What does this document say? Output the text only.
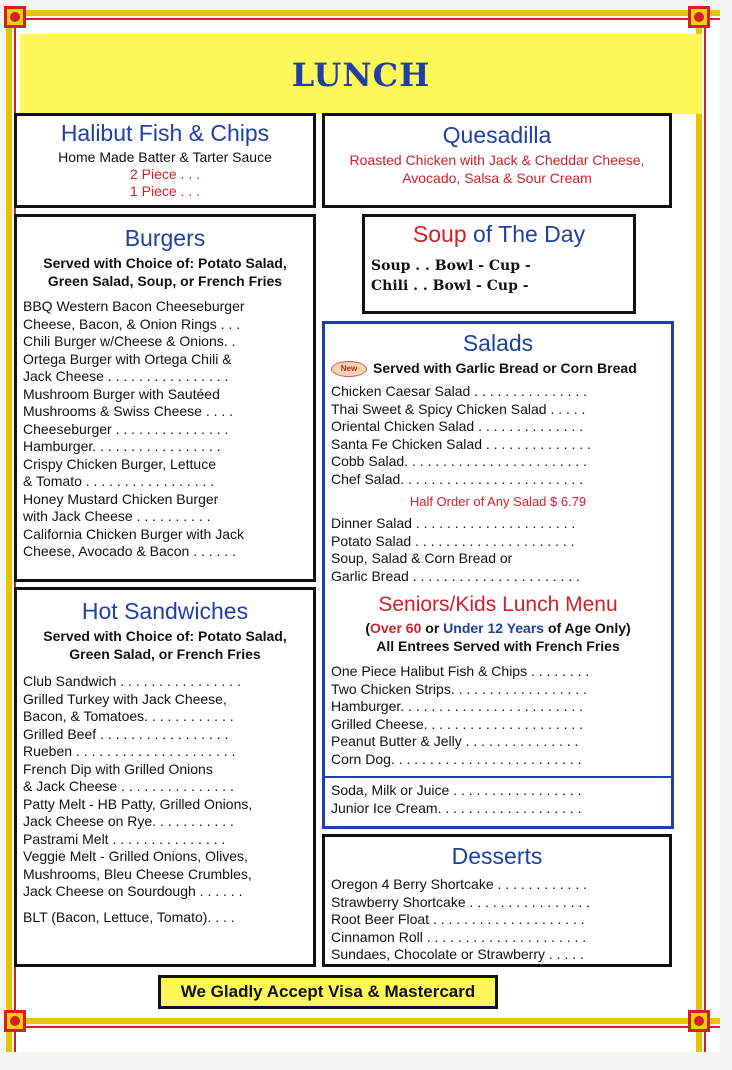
LUNCH
Halibut Fish & Chips
Home Made Batter & Tarter Sauce
2 Piece . . .
1 Piece . . .
Quesadilla
Roasted Chicken with Jack & Cheddar Cheese,
Avocado, Salsa & Sour Cream
Burgers
Served with Choice of: Potato Salad,
Green Salad, Soup, or French Fries
BBQ Western Bacon Cheeseburger
Cheese, Bacon, & Onion Rings . . .
Chili Burger w/Cheese & Onions. .
Ortega Burger with Ortega Chili &
Jack Cheese . . . . . . . . . . . . . . . .
Mushroom Burger with Sautéed
Mushrooms & Swiss Cheese . . . .
Cheeseburger . . . . . . . . . . . . . . .
Hamburger. . . . . . . . . . . . . . . . .
Crispy Chicken Burger, Lettuce
& Tomato . . . . . . . . . . . . . . . . .
Honey Mustard Chicken Burger
with Jack Cheese . . . . . . . . . .
California Chicken Burger with Jack
Cheese, Avocado & Bacon . . . . . .
Soup of The Day
Soup . . Bowl - Cup -
Chili . . Bowl - Cup -
Salads
New Served with Garlic Bread or Corn Bread
Chicken Caesar Salad . . . . . . . . . . . . . . .
Thai Sweet & Spicy Chicken Salad . . . . .
Oriental Chicken Salad . . . . . . . . . . . . . .
Santa Fe Chicken Salad . . . . . . . . . . . . . .
Cobb Salad. . . . . . . . . . . . . . . . . . . . . . . .
Chef Salad. . . . . . . . . . . . . . . . . . . . . . . .
Half Order of Any Salad $ 6.79
Dinner Salad . . . . . . . . . . . . . . . . . . . . .
Potato Salad . . . . . . . . . . . . . . . . . . . . .
Soup, Salad & Corn Bread or
Garlic Bread . . . . . . . . . . . . . . . . . . . . . .
Seniors/Kids Lunch Menu
(Over 60 or Under 12 Years of Age Only)
All Entrees Served with French Fries
One Piece Halibut Fish & Chips . . . . . . . .
Two Chicken Strips. . . . . . . . . . . . . . . . . .
Hamburger. . . . . . . . . . . . . . . . . . . . . . . .
Grilled Cheese. . . . . . . . . . . . . . . . . . . . .
Peanut Butter & Jelly . . . . . . . . . . . . . . .
Corn Dog. . . . . . . . . . . . . . . . . . . . . . . . .
Soda, Milk or Juice . . . . . . . . . . . . . . . . .
Junior Ice Cream. . . . . . . . . . . . . . . . . . .
Hot Sandwiches
Served with Choice of: Potato Salad,
Green Salad, or French Fries
Club Sandwich . . . . . . . . . . . . . . . .
Grilled Turkey with Jack Cheese,
Bacon, & Tomatoes. . . . . . . . . . . .
Grilled Beef . . . . . . . . . . . . . . . . .
Rueben . . . . . . . . . . . . . . . . . . . . .
French Dip with Grilled Onions
& Jack Cheese . . . . . . . . . . . . . . .
Patty Melt - HB Patty, Grilled Onions,
Jack Cheese on Rye. . . . . . . . . . .
Pastrami Melt . . . . . . . . . . . . . . .
Veggie Melt - Grilled Onions, Olives,
Mushrooms, Bleu Cheese Crumbles,
Jack Cheese on Sourdough . . . . . .
BLT (Bacon, Lettuce, Tomato). . . .
Desserts
Oregon 4 Berry Shortcake . . . . . . . . . . . .
Strawberry Shortcake . . . . . . . . . . . . . . . .
Root Beer Float . . . . . . . . . . . . . . . . . . . .
Cinnamon Roll . . . . . . . . . . . . . . . . . . . . .
Sundaes, Chocolate or Strawberry . . . . .
We Gladly Accept Visa & Mastercard
